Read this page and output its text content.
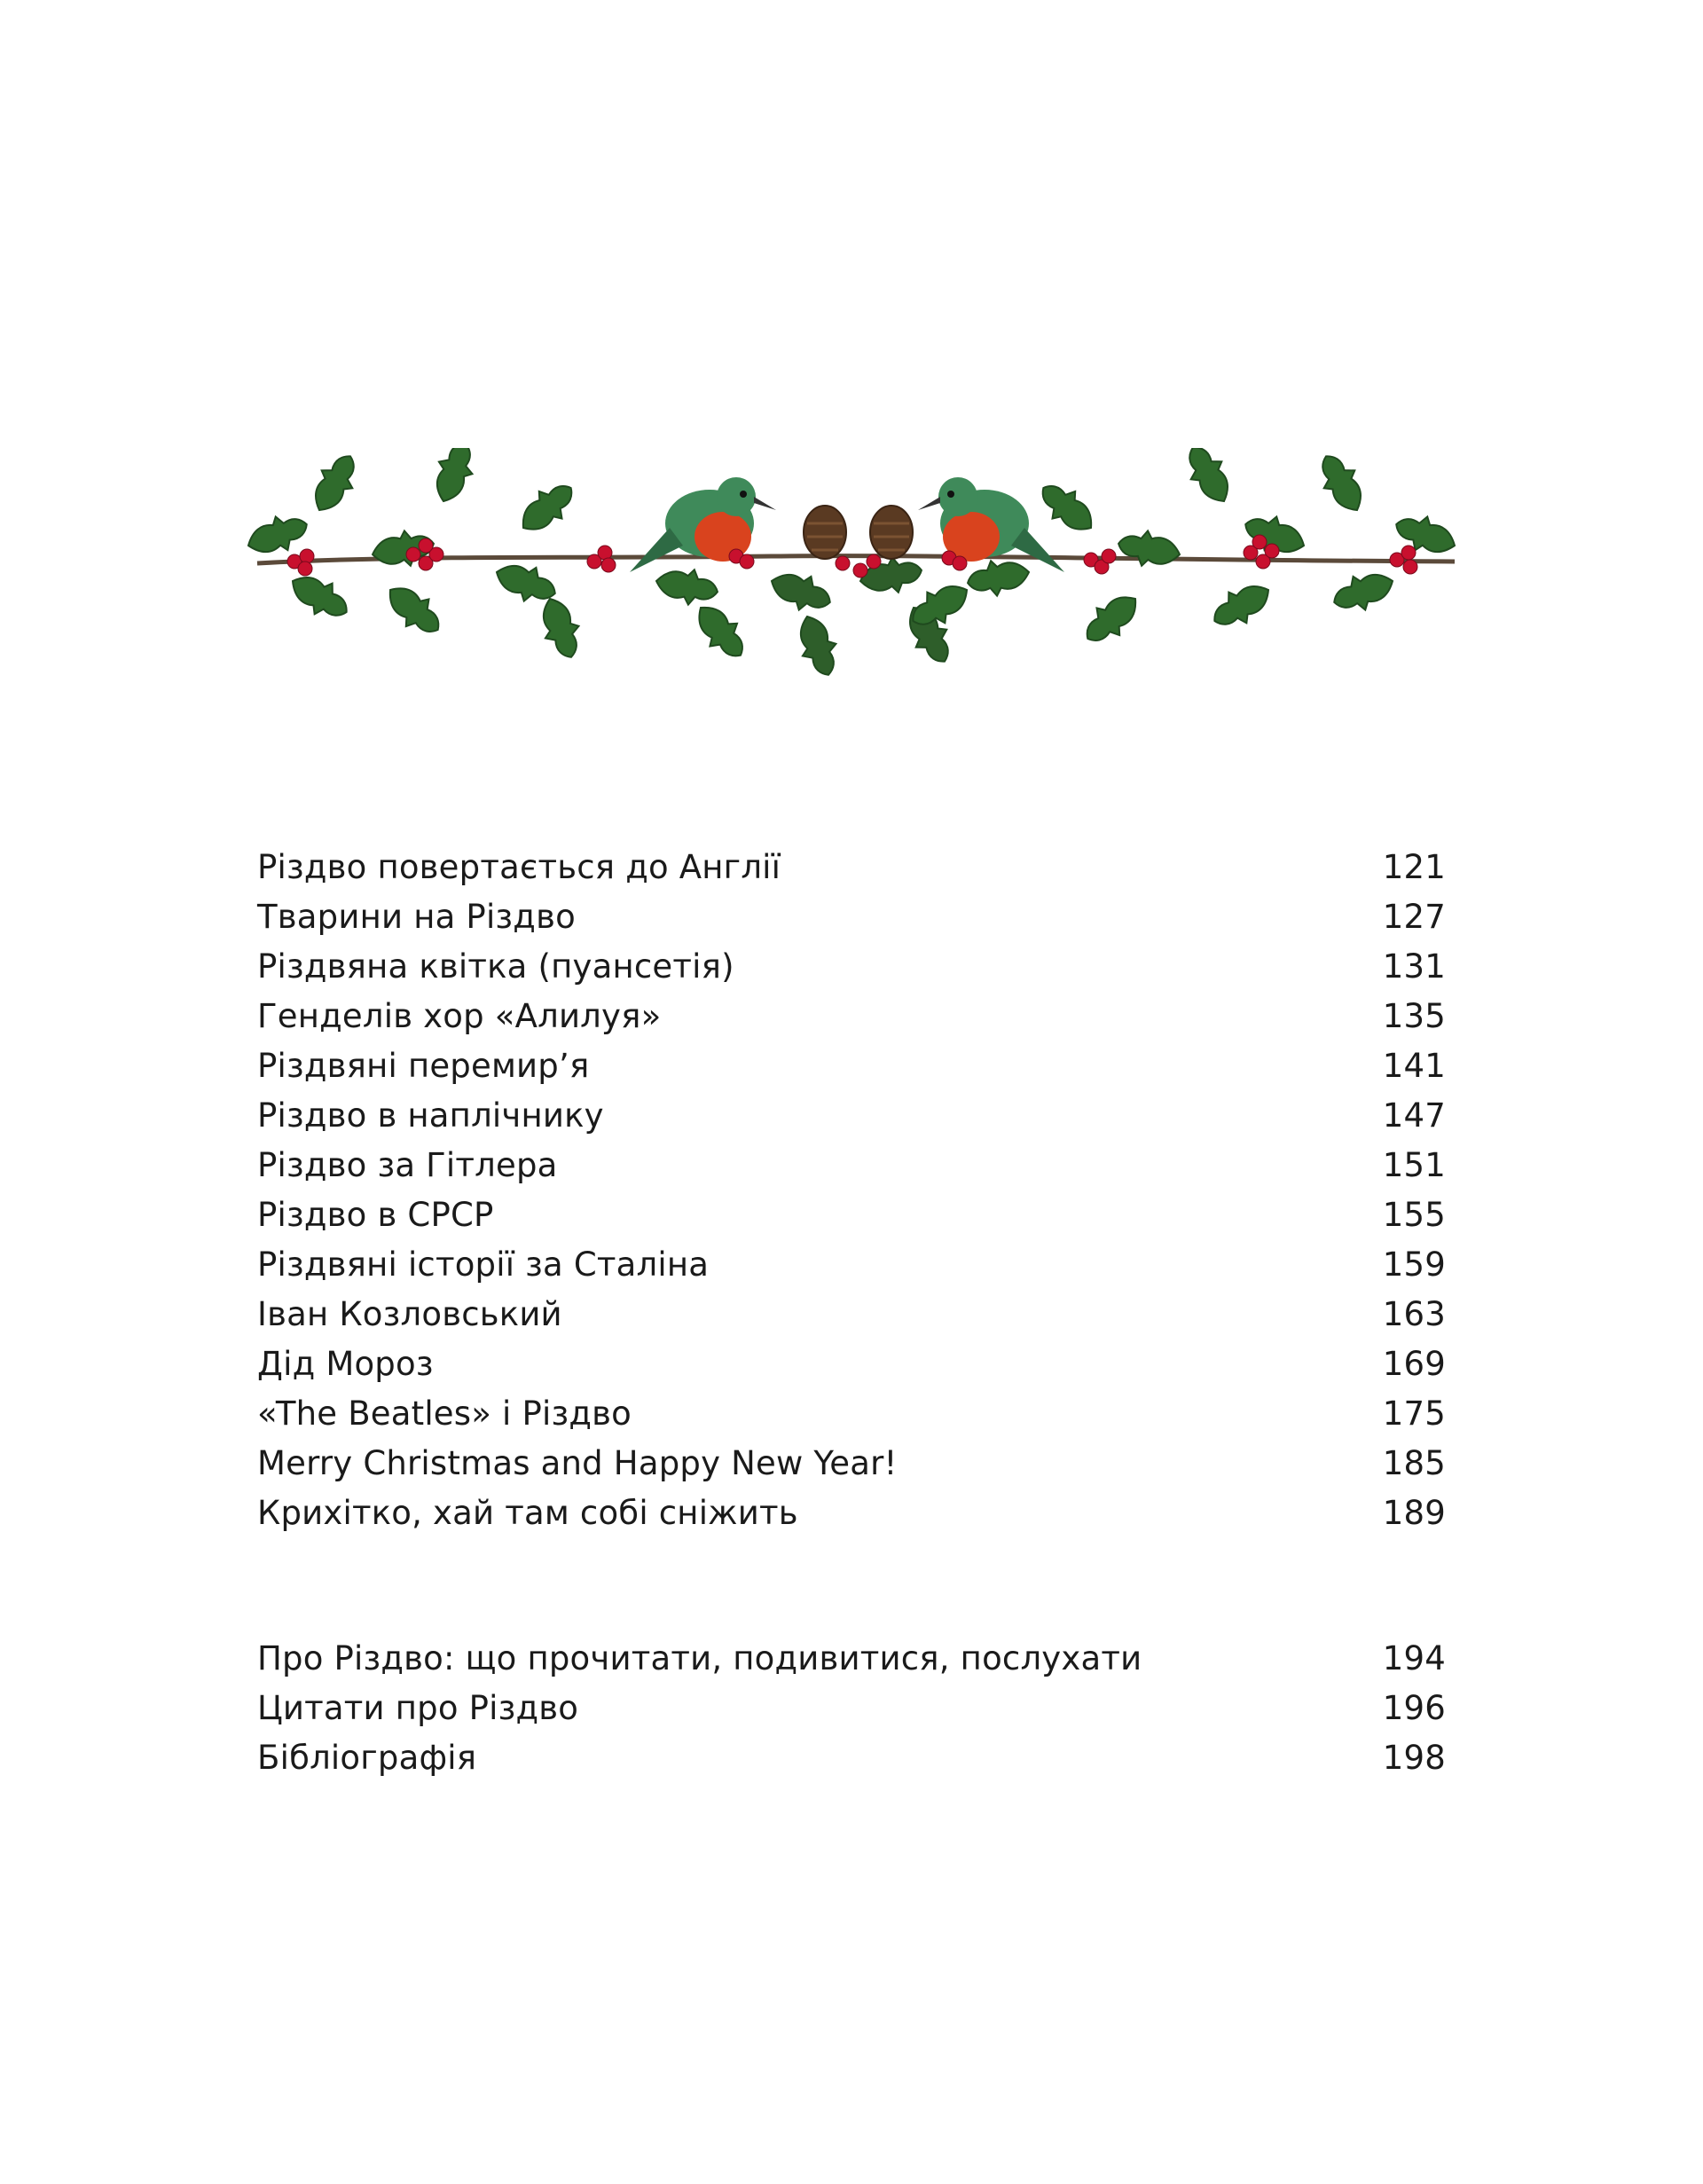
Різдво повертається до Англії	121
Тварини на Різдво	127
Різдвяна квітка (пуансетія)	131
Генделів хор «Алилуя»	135
Різдвяні перемир’я	141
Різдво в наплічнику	147
Різдво за Гітлера	151
Різдво в СРСР	155
Різдвяні історії за Сталіна	159
Іван Козловський	163
Дід Мороз	169
«The Beatles» і Різдво	175
Merry Christmas and Happy New Year!	185
Крихітко, хай там собі сніжить	189
Про Різдво: що прочитати, подивитися, послухати	194
Цитати про Різдво	196
Бібліографія	198
